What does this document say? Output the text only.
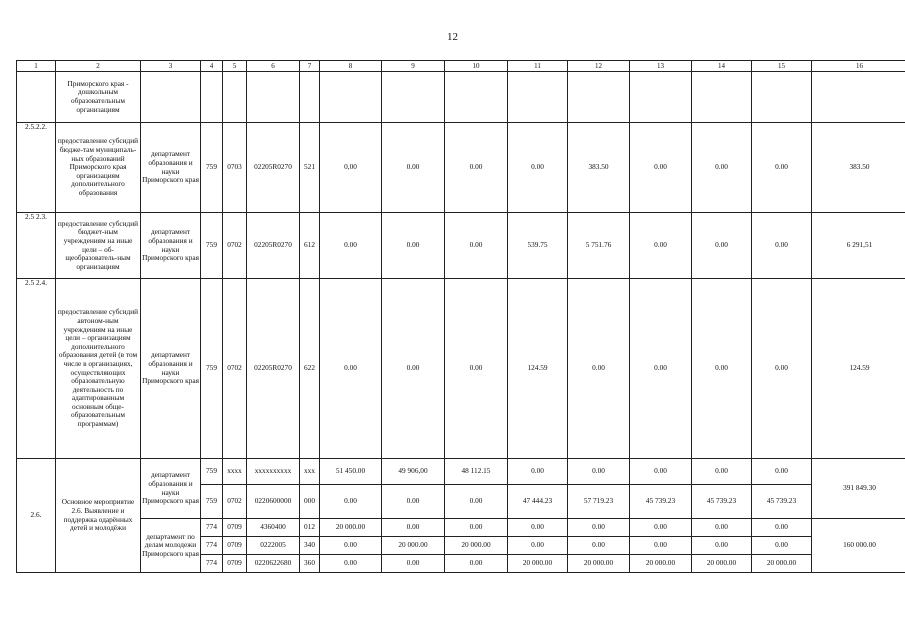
12
1	2	3	4	5	6	7	8	9	10	11	12	13	14	15	16
	Приморского края - дошкольным образовательным организациям														
2.5.2.2.	предоставление субсидий бюдже-там муниципаль-ных образований Приморского края организациям дополнительного образования	департамент образования и науки Приморского края	759	0703	02205R0270	521	0,00	0.00	0.00	0.00	383.50	0.00	0.00	0.00	383.50
2.5 2.3.	предоставление субсидий бюджет-ным учреждениям на иные цели – об-щеобразователь-ным организациям	департамент образования и науки Приморского края	759	0702	02205R0270	612	0.00	0.00	0.00	539.75	5 751.76	0.00	0.00	0.00	6 291,51
2.5 2.4.	предоставление субсидий автоном-ным учреждениям на иные цели – организациям дополнительного образования детей (в том числе в организациях, осуществляющих образовательную деятельность по адаптированным основным обще-образовательным программам)	департамент образования и науки Приморского края	759	0702	02205R0270	622	0.00	0.00	0.00	124.59	0.00	0.00	0.00	0.00	124.59
2.6.	Основное мероприятие 2.6. Выявление и поддержка одарённых детей и молодёжи	департамент образования и науки Приморского края	759	xxxx	xxxxxxxxxx	xxx	51 450.00	49 906,00	48 112.15	0.00	0.00	0.00	0.00	0.00	391 849.30
			759	0702	0220600000	000	0.00	0.00	0.00	47 444.23	57 719.23	45 739.23	45 739.23	45 739.23	
		департамент по делам молодежи Приморского края	774	0709	4360400	012	20 000.00	0.00	0.00	0.00	0.00	0.00	0.00	0.00	160 000.00
			774	0709	0222005	340	0.00	20 000.00	20 000.00	0.00	0.00	0.00	0.00	0.00	
			774	0709	0220622680	360	0.00	0.00	0.00	20 000.00	20 000.00	20 000.00	20 000.00	20 000.00	
